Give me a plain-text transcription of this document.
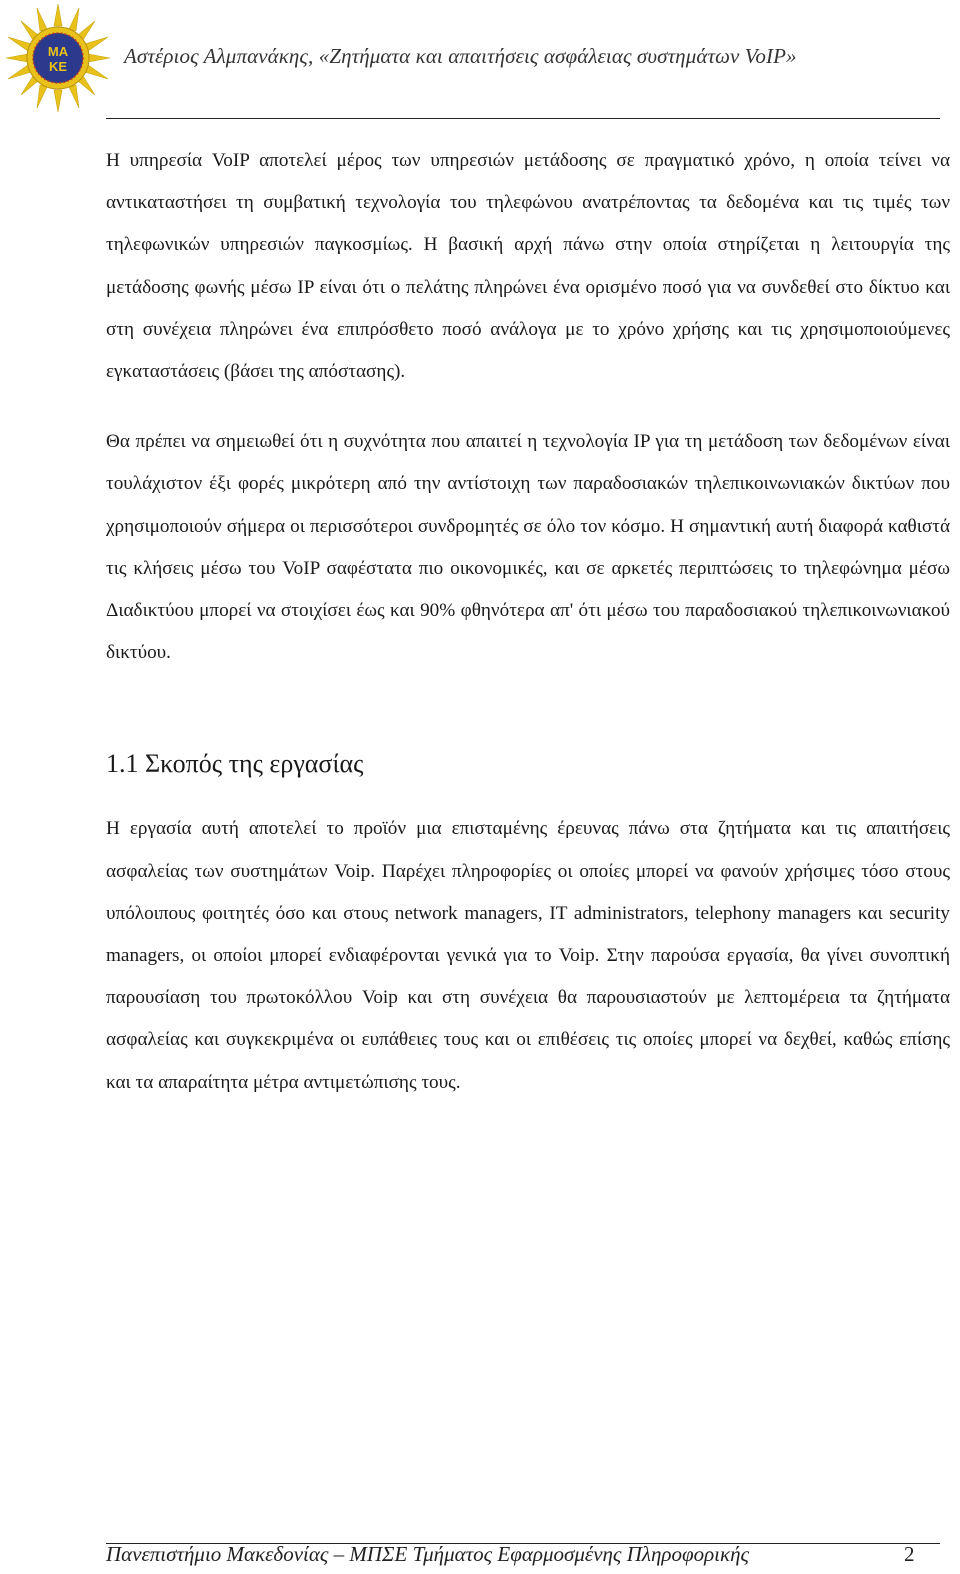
ΜΑ
ΚΕ	Αστέριος Αλμπανάκης, «Ζητήματα και απαιτήσεις ασφάλειας συστημάτων VoIP»

Η υπηρεσία VoIP αποτελεί μέρος των υπηρεσιών μετάδοσης σε πραγματικό χρόνο, η οποία τείνει να αντικαταστήσει τη συμβατική τεχνολογία του τηλεφώνου ανατρέποντας τα δεδομένα και τις τιμές των τηλεφωνικών υπηρεσιών παγκοσμίως. Η βασική αρχή πάνω στην οποία στηρίζεται η λειτουργία της μετάδοσης φωνής μέσω IP είναι ότι ο πελάτης πληρώνει ένα ορισμένο ποσό για να συνδεθεί στο δίκτυο και στη συνέχεια πληρώνει ένα επιπρόσθετο ποσό ανάλογα με το χρόνο χρήσης και τις χρησιμοποιούμενες εγκαταστάσεις (βάσει της απόστασης).

Θα πρέπει να σημειωθεί ότι η συχνότητα που απαιτεί η τεχνολογία IP για τη μετάδοση των δεδομένων είναι τουλάχιστον έξι φορές μικρότερη από την αντίστοιχη των παραδοσιακών τηλεπικοινωνιακών δικτύων που χρησιμοποιούν σήμερα οι περισσότεροι συνδρομητές σε όλο τον κόσμο. Η σημαντική αυτή διαφορά καθιστά τις κλήσεις μέσω του VoIP σαφέστατα πιο οικονομικές, και σε αρκετές περιπτώσεις το τηλεφώνημα μέσω Διαδικτύου μπορεί να στοιχίσει έως και 90% φθηνότερα απ' ότι μέσω του παραδοσιακού τηλεπικοινωνιακού δικτύου.

1.1 Σκοπός της εργασίας

Η εργασία αυτή αποτελεί το προϊόν μια επισταμένης έρευνας πάνω στα ζητήματα και τις απαιτήσεις ασφαλείας των συστημάτων Voip. Παρέχει πληροφορίες οι οποίες μπορεί να φανούν χρήσιμες τόσο στους υπόλοιπους φοιτητές όσο και στους network managers, IT administrators, telephony managers και security managers, οι οποίοι μπορεί ενδιαφέρονται γενικά για το Voip. Στην παρούσα εργασία, θα γίνει συνοπτική παρουσίαση του πρωτοκόλλου Voip και στη συνέχεια θα παρουσιαστούν με λεπτομέρεια τα ζητήματα ασφαλείας και συγκεκριμένα οι ευπάθειες τους και οι επιθέσεις τις οποίες μπορεί να δεχθεί, καθώς επίσης και τα απαραίτητα μέτρα αντιμετώπισης τους.

Πανεπιστήμιο Μακεδονίας – ΜΠΣΕ Τμήματος Εφαρμοσμένης Πληροφορικής	2
